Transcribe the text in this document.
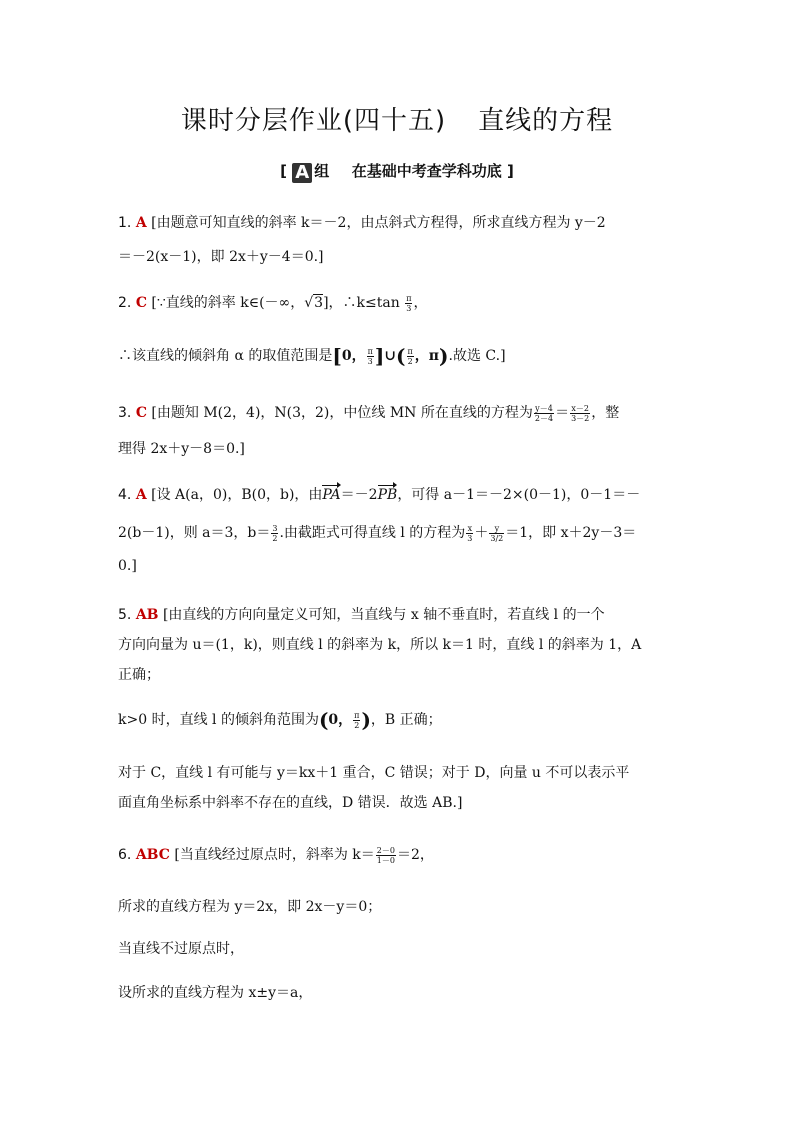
课时分层作业(四十五) 直线的方程
[ A 组 在基础中考查学科功底 ]
1. A [由题意可知直线的斜率 k＝－2，由点斜式方程得，所求直线方程为 y－2
＝－2(x－1)，即 2x＋y－4＝0.]
2. C [∵直线的斜率 k∈(－∞，√3]，∴k≤tan $\frac{\pi}{3}$ ，
∴该直线的倾斜角 α 的取值范围是[0， $\frac{\pi}{3}$ ]∪( $\frac{\pi}{2}$ ，π).故选 C.]
3. C [由题知 M(2，4)，N(3，2)，中位线 MN 所在直线的方程为 $\frac{y-4}{2-4} = \frac{x-2}{3-2}$ ，整
理得 2x＋y－8＝0.]
4. A [设 A(a，0)，B(0，b)，由PA＝－2PB，可得 a－1＝－2×(0－1)，0－1＝－
2(b－1)，则 a＝3，$b= \frac{3}{2}$ .由截距式可得直线 l 的方程为 $\frac{x}{3} + \frac{y}{3/2} =1$，即 x＋2y－3＝
0.]
5. AB [由直线的方向向量定义可知，当直线与 x 轴不垂直时，若直线 l 的一个
方向向量为 u＝(1，k)，则直线 l 的斜率为 k，所以 k＝1 时，直线 l 的斜率为 1，A
正确；
k>0 时，直线 l 的倾斜角范围为(0， $\frac{\pi}{2}$ )，B 正确；
对于 C，直线 l 有可能与 y＝kx＋1 重合，C 错误；对于 D，向量 u 不可以表示平
面直角坐标系中斜率不存在的直线，D 错误．故选 AB.]
6. ABC [当直线经过原点时，斜率为 $k= \frac{2-0}{1-0} =2$，
所求的直线方程为 y＝2x，即 2x－y＝0；
当直线不过原点时，
设所求的直线方程为 x±y＝a，
